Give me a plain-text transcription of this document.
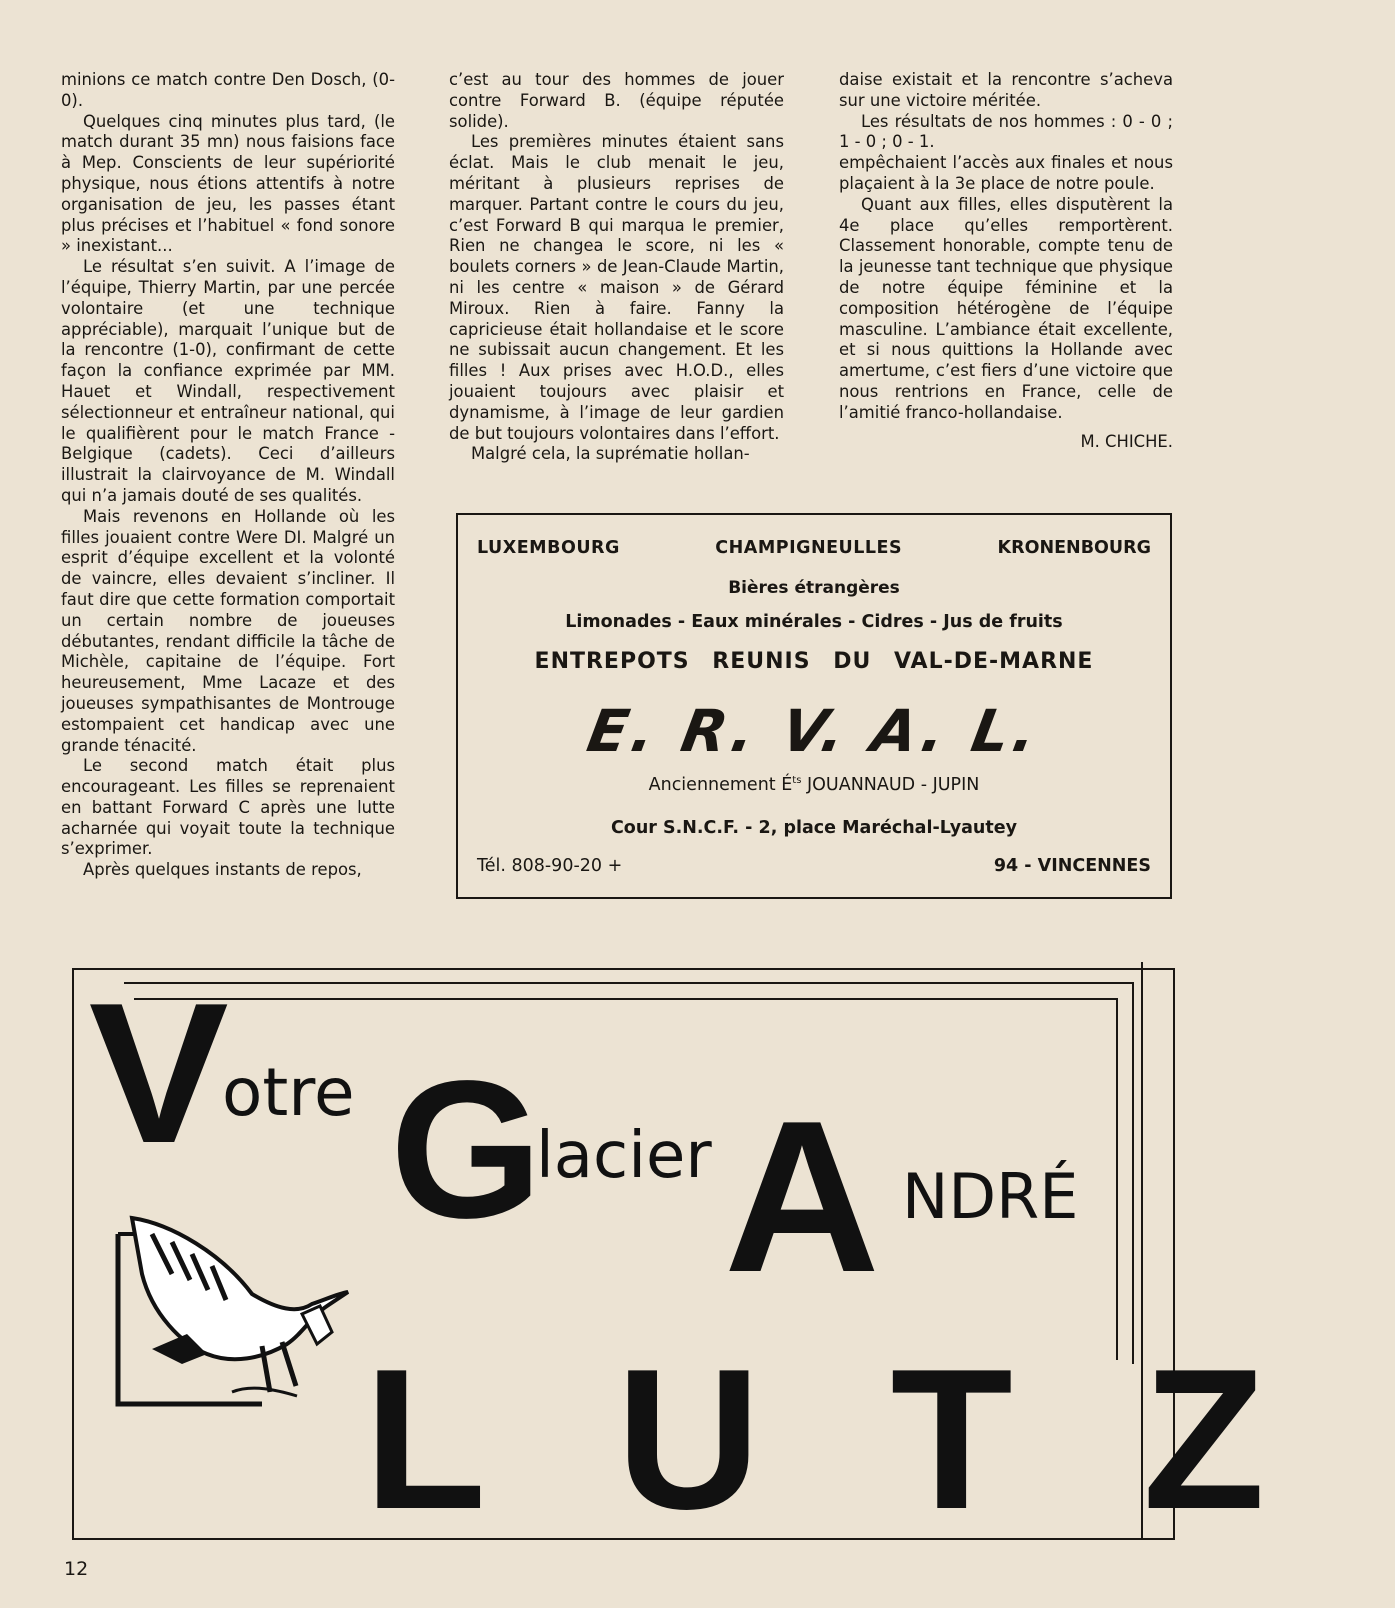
minions ce match contre Den Dosch, (0-0).

Quelques cinq minutes plus tard, (le match durant 35 mn) nous faisions face à Mep. Conscients de leur supériorité physique, nous étions attentifs à notre organisation de jeu, les passes étant plus précises et l’habituel « fond sonore » inexistant...

Le résultat s’en suivit. A l’image de l’équipe, Thierry Martin, par une percée volontaire (et une technique appréciable), marquait l’unique but de la rencontre (1-0), confirmant de cette façon la confiance exprimée par MM. Hauet et Windall, respectivement sélectionneur et entraîneur national, qui le qualifièrent pour le match France - Belgique (cadets). Ceci d’ailleurs illustrait la clairvoyance de M. Windall qui n’a jamais douté de ses qualités.

Mais revenons en Hollande où les filles jouaient contre Were DI. Malgré un esprit d’équipe excellent et la volonté de vaincre, elles devaient s’incliner. Il faut dire que cette formation comportait un certain nombre de joueuses débutantes, rendant difficile la tâche de Michèle, capitaine de l’équipe. Fort heureusement, Mme Lacaze et des joueuses sympathisantes de Montrouge estompaient cet handicap avec une grande ténacité.

Le second match était plus encourageant. Les filles se reprenaient en battant Forward C après une lutte acharnée qui voyait toute la technique s’exprimer.

Après quelques instants de repos,

c’est au tour des hommes de jouer contre Forward B. (équipe réputée solide).

Les premières minutes étaient sans éclat. Mais le club menait le jeu, méritant à plusieurs reprises de marquer. Partant contre le cours du jeu, c’est Forward B qui marqua le premier, Rien ne changea le score, ni les « boulets corners » de Jean-Claude Martin, ni les centre « maison » de Gérard Miroux. Rien à faire. Fanny la capricieuse était hollandaise et le score ne subissait aucun changement. Et les filles ! Aux prises avec H.O.D., elles jouaient toujours avec plaisir et dynamisme, à l’image de leur gardien de but toujours volontaires dans l’effort.

Malgré cela, la suprématie hollan-

daise existait et la rencontre s’acheva sur une victoire méritée.

Les résultats de nos hommes : 0 - 0 ; 1 - 0 ; 0 - 1.

empêchaient l’accès aux finales et nous plaçaient à la 3e place de notre poule.

Quant aux filles, elles disputèrent la 4e place qu’elles remportèrent. Classement honorable, compte tenu de la jeunesse tant technique que physique de notre équipe féminine et la composition hétérogène de l’équipe masculine. L’ambiance était excellente, et si nous quittions la Hollande avec amertume, c’est fiers d’une victoire que nous rentrions en France, celle de l’amitié franco-hollandaise.

M. CHICHE.

LUXEMBOURG	CHAMPIGNEULLES	KRONENBOURG
Bières étrangères
Limonades - Eaux minérales - Cidres - Jus de fruits
ENTREPOTS REUNIS DU VAL-DE-MARNE
E. R. V. A. L.
Anciennement $É^{ts}$ JOUANNAUD - JUPIN
Cour S.N.C.F. - 2, place Maréchal-Lyautey
Tél. 808-90-20 +	94 - VINCENNES
V
otre G
lacier A NDRÉ
LUTZ
12
